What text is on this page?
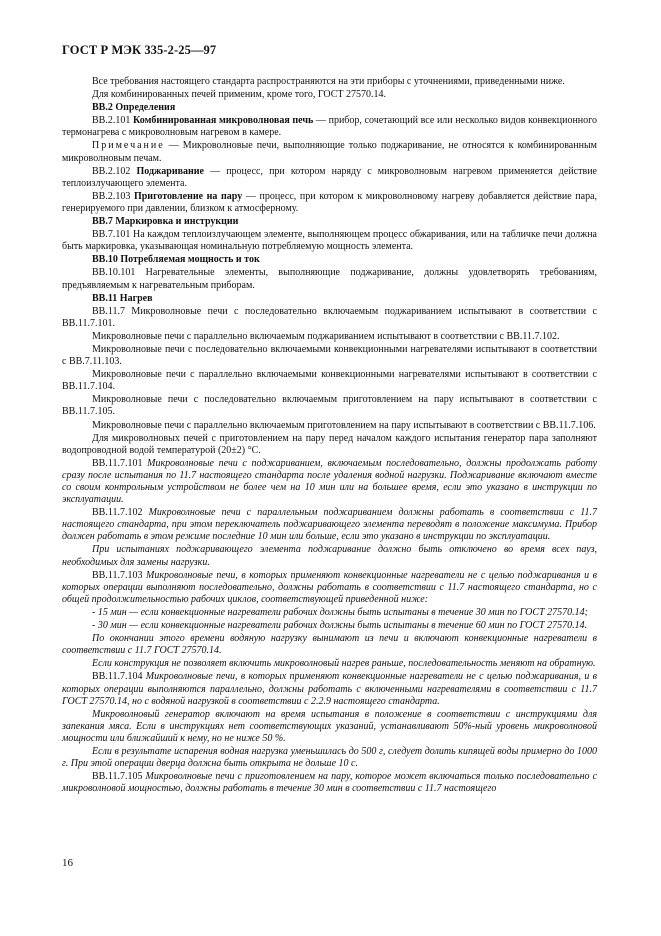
ГОСТ Р МЭК 335-2-25—97

Все требования настоящего стандарта распространяются на эти приборы с уточнениями, приведенными ниже.

Для комбинированных печей применим, кроме того, ГОСТ 27570.14.

ВВ.2 Определения

ВВ.2.101 Комбинированная микроволновая печь — прибор, сочетающий все или несколько видов конвекционного термонагрева с микроволновым нагревом в камере.

Примечание — Микроволновые печи, выполняющие только поджаривание, не относятся к комбинированным микроволновым печам.

ВВ.2.102 Поджаривание — процесс, при котором наряду с микроволновым нагревом применяется действие теплоизлучающего элемента.

ВВ.2.103 Приготовление на пару — процесс, при котором к микроволновому нагреву добавляется действие пара, генерируемого при давлении, близком к атмосферному.

ВВ.7 Маркировка и инструкции

ВВ.7.101 На каждом теплоизлучающем элементе, выполняющем процесс обжаривания, или на табличке печи должна быть маркировка, указывающая номинальную потребляемую мощность элемента.

ВВ.10 Потребляемая мощность и ток

ВВ.10.101 Нагревательные элементы, выполняющие поджаривание, должны удовлетворять требованиям, предъявляемым к нагревательным приборам.

ВВ.11 Нагрев

ВВ.11.7 Микроволновые печи с последовательно включаемым поджариванием испытывают в соответствии с ВВ.11.7.101.

Микроволновые печи с параллельно включаемым поджариванием испытывают в соответствии с ВВ.11.7.102.

Микроволновые печи с последовательно включаемыми конвекционными нагревателями испытывают в соответствии с ВВ.7.11.103.

Микроволновые печи с параллельно включаемыми конвекционными нагревателями испытывают в соответствии с ВВ.11.7.104.

Микроволновые печи с последовательно включаемым приготовлением на пару испытывают в соответствии с ВВ.11.7.105.

Микроволновые печи с параллельно включаемым приготовлением на пару испытывают в соответствии с ВВ.11.7.106.

Для микроволновых печей с приготовлением на пару перед началом каждого испытания генератор пара заполняют водопроводной водой температурой (20±2) °С.

ВВ.11.7.101 Микроволновые печи с поджариванием, включаемым последовательно, должны продолжать работу сразу после испытания по 11.7 настоящего стандарта после удаления водной нагрузки. Поджаривание включают вместе со своим контрольным устройством не более чем на 10 мин или на большее время, если это указано в инструкции по эксплуатации.

ВВ.11.7.102 Микроволновые печи с параллельным поджариванием должны работать в соответствии с 11.7 настоящего стандарта, при этом переключатель поджаривающего элемента переводят в положение максимума. Прибор должен работать в этом режиме последние 10 мин или больше, если это указано в инструкции по эксплуатации.

При испытаниях поджаривающего элемента поджаривание должно быть отключено во время всех пауз, необходимых для замены нагрузки.

ВВ.11.7.103 Микроволновые печи, в которых применяют конвекционные нагреватели не с целью поджаривания и в которых операции выполняют последовательно, должны работать в соответствии с 11.7 настоящего стандарта, но с общей продолжительностью рабочих циклов, соответствующей приведенной ниже:

- 15 мин — если конвекционные нагреватели рабочих должны быть испытаны в течение 30 мин по ГОСТ 27570.14;

- 30 мин — если конвекционные нагреватели рабочих должны быть испытаны в течение 60 мин по ГОСТ 27570.14.

По окончании этого времени водяную нагрузку вынимают из печи и включают конвекционные нагреватели в соответствии с 11.7 ГОСТ 27570.14.

Если конструкция не позволяет включить микроволновый нагрев раньше, последовательность меняют на обратную.

ВВ.11.7.104 Микроволновые печи, в которых применяют конвекционные нагреватели не с целью поджаривания, и в которых операции выполняются параллельно, должны работать с включенными нагревателями в соответствии с 11.7 ГОСТ 27570.14, но с водяной нагрузкой в соответствии с 2.2.9 настоящего стандарта.

Микроволновый генератор включают на время испытания в положение в соответствии с инструкциями для запекания мяса. Если в инструкциях нет соответствующих указаний, устанавливают 50%-ный уровень микроволновой мощности или ближайший к нему, но не ниже 50 %.

Если в результате испарения водная нагрузка уменьшилась до 500 г, следует долить кипящей воды примерно до 1000 г. При этой операции дверца должна быть открыта не дольше 10 с.

ВВ.11.7.105 Микроволновые печи с приготовлением на пару, которое может включаться только последовательно с микроволновой мощностью, должны работать в течение 30 мин в соответствии с 11.7 настоящего

16
